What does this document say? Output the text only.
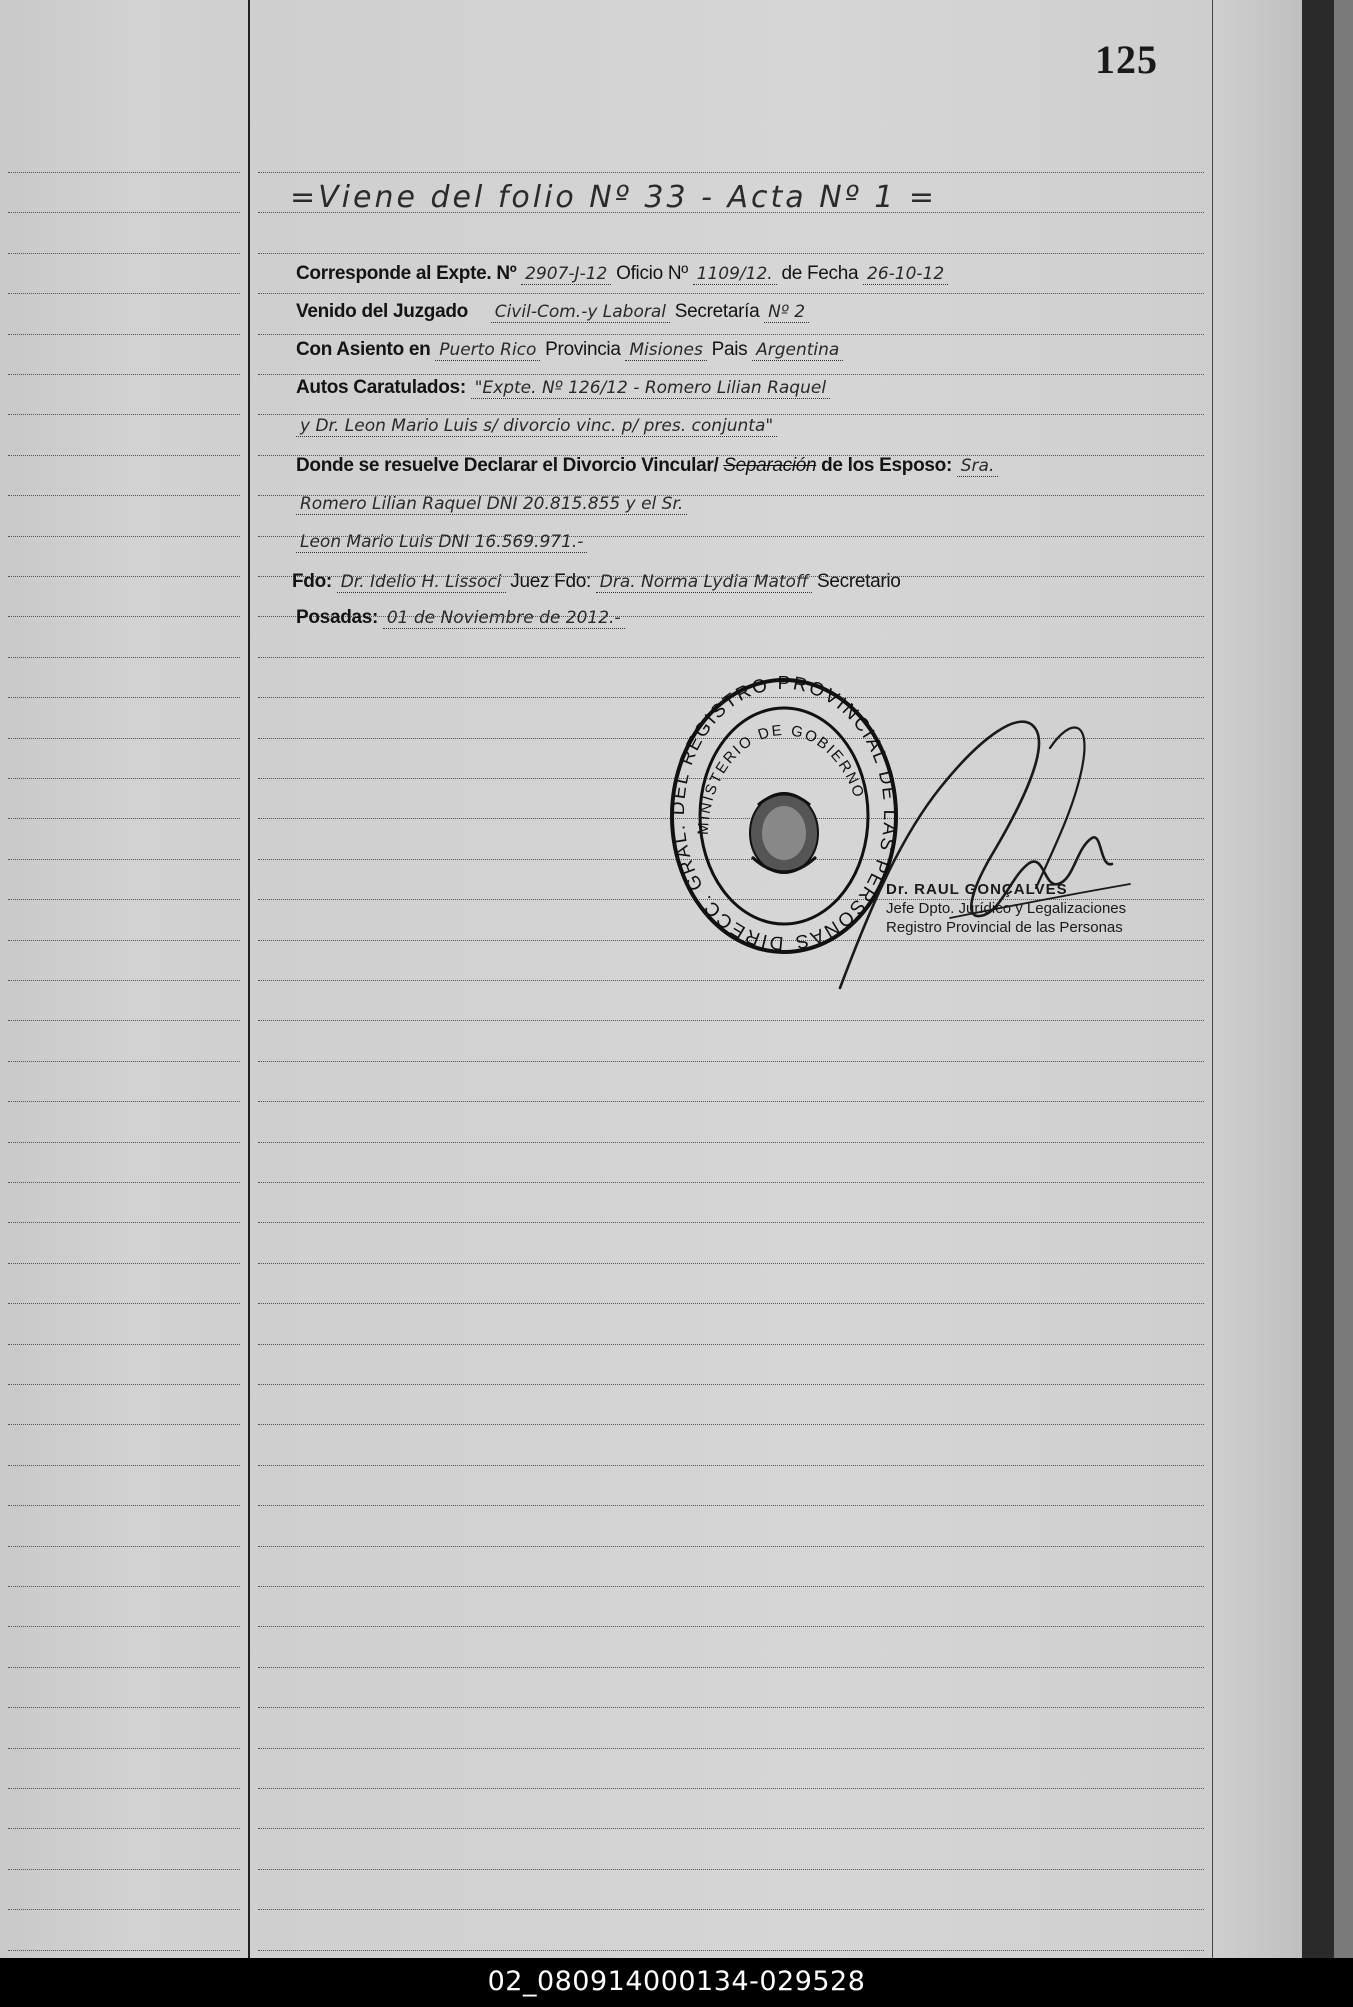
125
=Viene del folio Nº 33 - Acta Nº 1 =
Corresponde al Expte. Nº 2907-J-12 Oficio Nº 1109/12. de Fecha 26-10-12
Venido del Juzgado Civil-Com.-y Laboral Secretaría Nº 2
Con Asiento en Puerto Rico Provincia Misiones Pais Argentina
Autos Caratulados: "Expte. Nº 126/12 - Romero Lilian Raquel
y Dr. Leon Mario Luis s/ divorcio vinc. p/ pres. conjunta"
Donde se resuelve Declarar el Divorcio Vincular/ Separación de los Esposo: Sra.
Romero Lilian Raquel DNI 20.815.855 y el Sr.
Leon Mario Luis DNI 16.569.971.-
Fdo: Dr. Idelio H. Lissoci Juez Fdo: Dra. Norma Lydia Matoff Secretario
Posadas: 01 de Noviembre de 2012.-
DIRECC. GRAL. DEL REGISTRO PROVINCIAL DE LAS PERSONAS
MINISTERIO DE GOBIERNO
Dr. RAUL GONÇALVES
Jefe Dpto. Jurídico y Legalizaciones
Registro Provincial de las Personas
02_080914000134-029528
